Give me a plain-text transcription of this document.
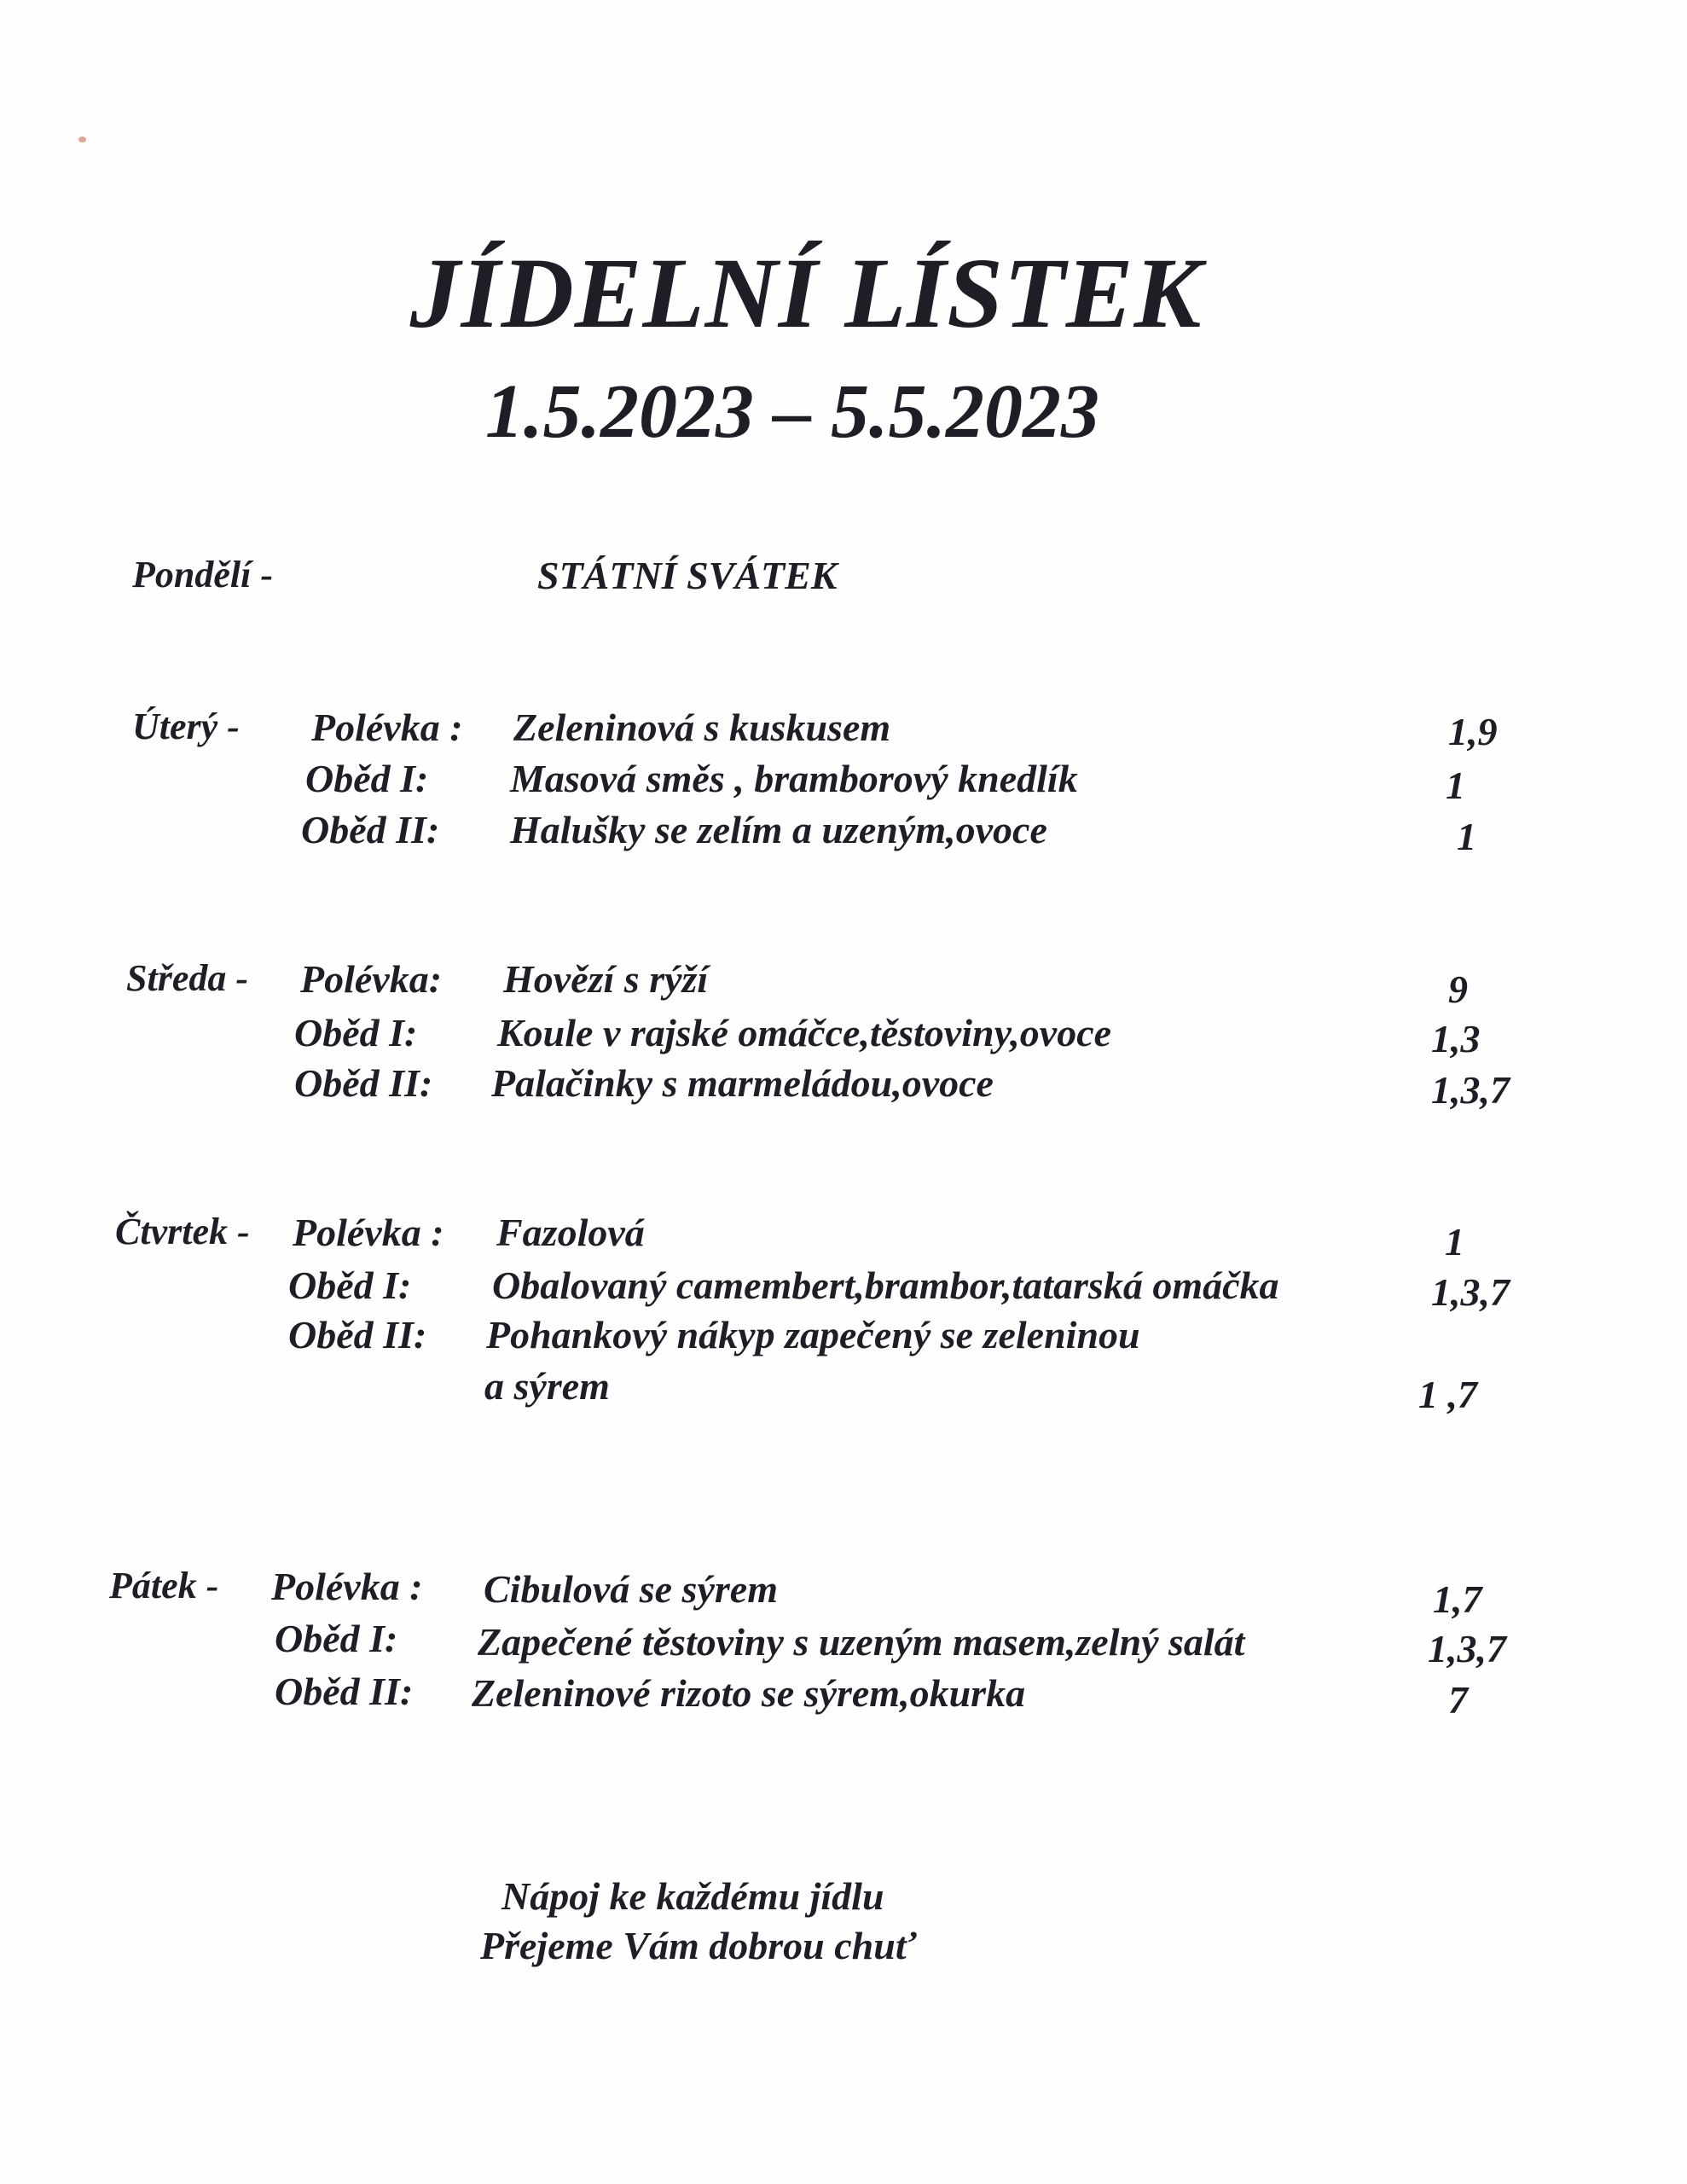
JÍDELNÍ LÍSTEK
1.5.2023 – 5.5.2023
Pondělí -	STÁTNÍ SVÁTEK
Úterý - Polévka : Zeleninová s kuskusem	1,9
Oběd I: Masová směs , bramborový knedlík	1
Oběd II: Halušky se zelím a uzeným,ovoce	1
Středa - Polévka: Hovězí s rýží	9
Oběd I: Koule v rajské omáčce,těstoviny,ovoce	1,3
Oběd II: Palačinky s marmeládou,ovoce	1,3,7
Čtvrtek - Polévka : Fazolová	1
Oběd I: Obalovaný camembert,brambor,tatarská omáčka	1,3,7
Oběd II: Pohankový nákyp zapečený se zeleninou
a sýrem	1 ,7
Pátek - Polévka : Cibulová se sýrem	1,7
Oběd I: Zapečené těstoviny s uzeným masem,zelný salát	1,3,7
Oběd II: Zeleninové rizoto se sýrem,okurka	7
Nápoj ke každému jídlu
Přejeme Vám dobrou chuť
